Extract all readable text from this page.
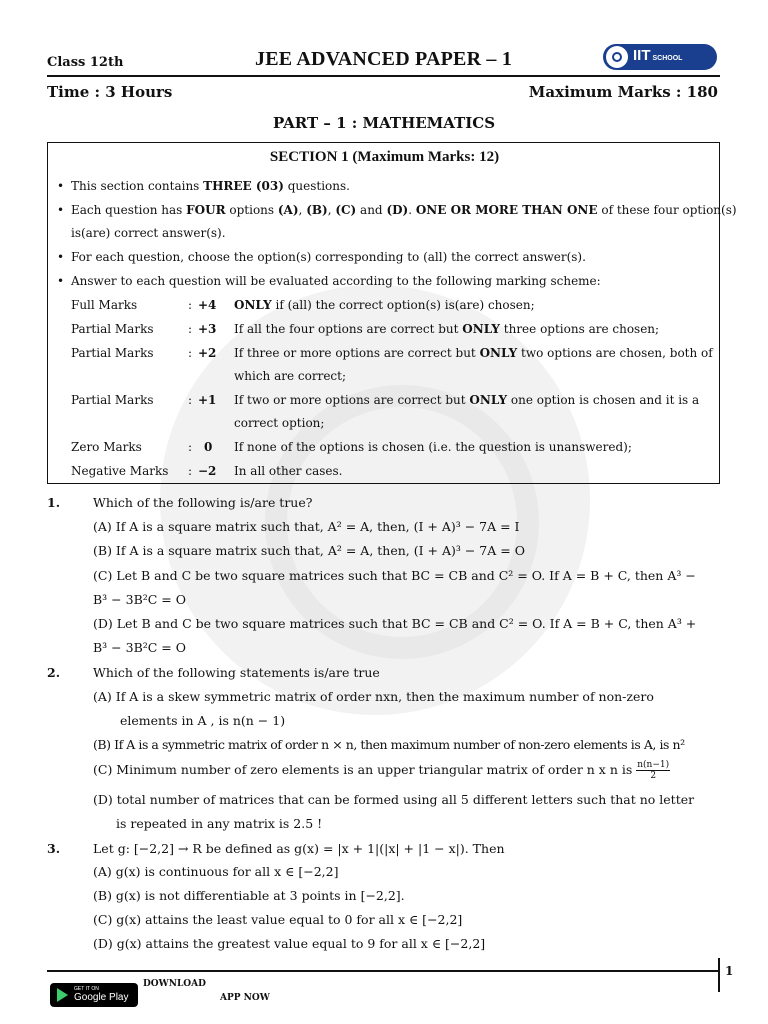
Class 12th	JEE ADVANCED PAPER – 1	IIT SCHOOL
Time : 3 Hours	Maximum Marks : 180
PART – 1 : MATHEMATICS
SECTION 1 (Maximum Marks: 12)
• This section contains THREE (03) questions.
• Each question has FOUR options (A), (B), (C) and (D). ONE OR MORE THAN ONE of these four option(s)
is(are) correct answer(s).
• For each question, choose the option(s) corresponding to (all) the correct answer(s).
• Answer to each question will be evaluated according to the following marking scheme:
Full Marks	: +4 ONLY if (all) the correct option(s) is(are) chosen;
Partial Marks	: +3 If all the four options are correct but ONLY three options are chosen;
Partial Marks	: +2 If three or more options are correct but ONLY two options are chosen, both of
which are correct;
Partial Marks	: +1 If two or more options are correct but ONLY one option is chosen and it is a
correct option;
Zero Marks	: 0 If none of the options is chosen (i.e. the question is unanswered);
Negative Marks : −2 In all other cases.
1.	Which of the following is/are true?
(A) If A is a square matrix such that, A² = A, then, (I + A)³ − 7A = I
(B) If A is a square matrix such that, A² = A, then, (I + A)³ − 7A = O
(C) Let B and C be two square matrices such that BC = CB and C² = O. If A = B + C, then A³ −
B³ − 3B²C = O
(D) Let B and C be two square matrices such that BC = CB and C² = O. If A = B + C, then A³ +
B³ − 3B²C = O
2.	Which of the following statements is/are true
(A) If A is a skew symmetric matrix of order nxn, then the maximum number of non-zero
elements in A , is n(n − 1)
(B) If A is a symmetric matrix of order n × n, then maximum number of non-zero elements is A, is n²
(C) Minimum number of zero elements is an upper triangular matrix of order n x n is $\frac{n(n-1)}{2}$
(D) total number of matrices that can be formed using all 5 different letters such that no letter
is repeated in any matrix is 2.5 !
3.	Let g: [−2,2] → R be defined as g(x) = |x + 1|(|x| + |1 − x|). Then
(A) g(x) is continuous for all x ∈ [−2,2]
(B) g(x) is not differentiable at 3 points in [−2,2].
(C) g(x) attains the least value equal to 0 for all x ∈ [−2,2]
(D) g(x) attains the greatest value equal to 9 for all x ∈ [−2,2]
1
GET IT ON
Google Play
DOWNLOAD
APP NOW
